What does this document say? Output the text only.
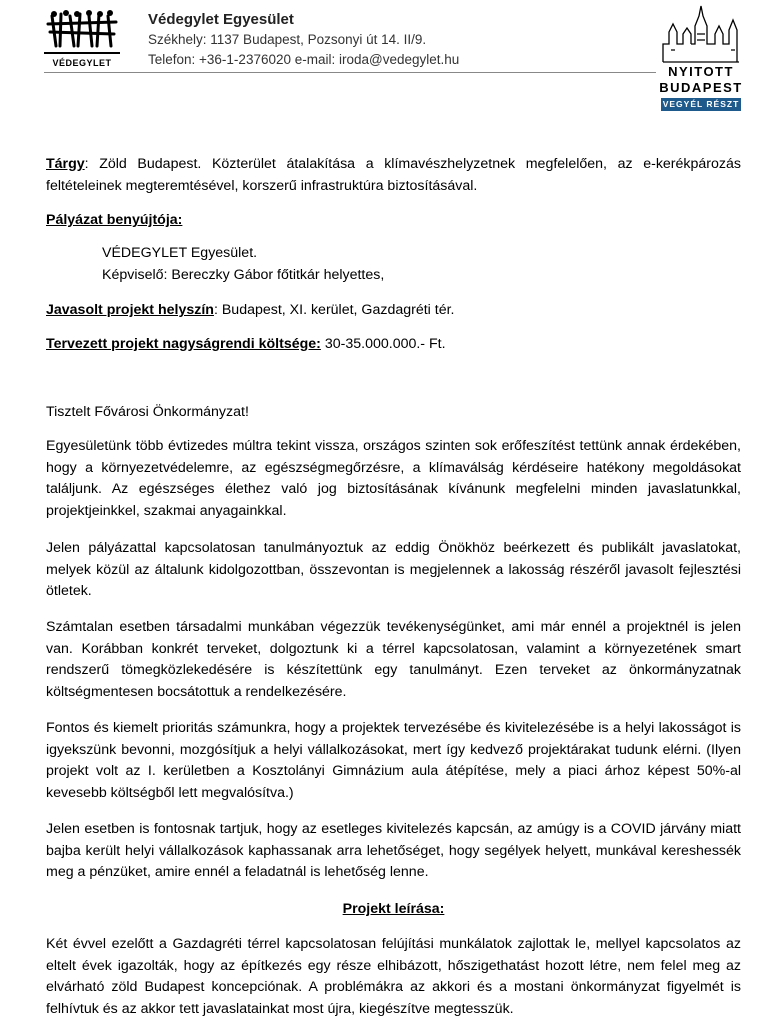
VÉDEGYLET
Védegylet Egyesület
Székhely: 1137 Budapest, Pozsonyi út 14. II/9.
Telefon: +36-1-2376020 e-mail: iroda@vedegylet.hu
NYITOTT
BUDAPEST
VEGYÉL RÉSZT
Tárgy: Zöld Budapest. Közterület átalakítása a klímavészhelyzetnek megfelelően, az e-kerékpározás feltételeinek megteremtésével, korszerű infrastruktúra biztosításával.
Pályázat benyújtója:
VÉDEGYLET Egyesület.
Képviselő: Bereczky Gábor főtitkár helyettes,
Javasolt projekt helyszín: Budapest, XI. kerület, Gazdagréti tér.
Tervezett projekt nagyságrendi költsége: 30-35.000.000.- Ft.
Tisztelt Fővárosi Önkormányzat!
Egyesületünk több évtizedes múltra tekint vissza, országos szinten sok erőfeszítést tettünk annak érdekében, hogy a környezetvédelemre, az egészségmegőrzésre, a klímaválság kérdéseire hatékony megoldásokat találjunk. Az egészséges élethez való jog biztosításának kívánunk megfelelni minden javaslatunkkal, projektjeinkkel, szakmai anyagainkkal.
Jelen pályázattal kapcsolatosan tanulmányoztuk az eddig Önökhöz beérkezett és publikált javaslatokat, melyek közül az általunk kidolgozottban, összevontan is megjelennek a lakosság részéről javasolt fejlesztési ötletek.
Számtalan esetben társadalmi munkában végezzük tevékenységünket, ami már ennél a projektnél is jelen van. Korábban konkrét terveket, dolgoztunk ki a térrel kapcsolatosan, valamint a környezetének smart rendszerű tömegközlekedésére is készítettünk egy tanulmányt. Ezen terveket az önkormányzatnak költségmentesen bocsátottuk a rendelkezésére.
Fontos és kiemelt prioritás számunkra, hogy a projektek tervezésébe és kivitelezésébe is a helyi lakosságot is igyekszünk bevonni, mozgósítjuk a helyi vállalkozásokat, mert így kedvező projektárakat tudunk elérni. (Ilyen projekt volt az I. kerületben a Kosztolányi Gimnázium aula átépítése, mely a piaci árhoz képest 50%-al kevesebb költségből lett megvalósítva.)
Jelen esetben is fontosnak tartjuk, hogy az esetleges kivitelezés kapcsán, az amúgy is a COVID járvány miatt bajba került helyi vállalkozások kaphassanak arra lehetőséget, hogy segélyek helyett, munkával kereshessék meg a pénzüket, amire ennél a feladatnál is lehetőség lenne.
Projekt leírása:
Két évvel ezelőtt a Gazdagréti térrel kapcsolatosan felújítási munkálatok zajlottak le, mellyel kapcsolatos az eltelt évek igazolták, hogy az építkezés egy része elhibázott, hőszigethatást hozott létre, nem felel meg az elvárható zöld Budapest koncepciónak. A problémákra az akkori és a mostani önkormányzat figyelmét is felhívtuk és az akkor tett javaslatainkat most újra, kiegészítve megtesszük.
